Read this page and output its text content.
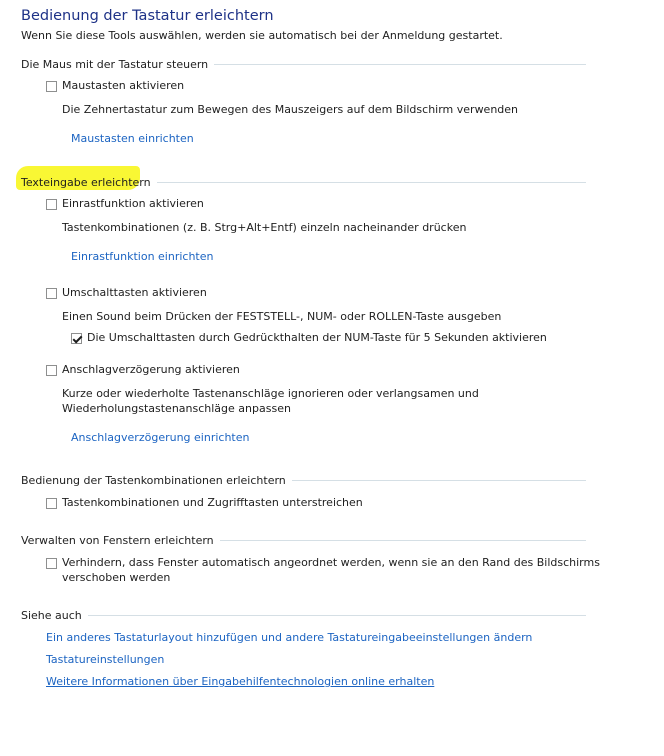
Bedienung der Tastatur erleichtern
Wenn Sie diese Tools auswählen, werden sie automatisch bei der Anmeldung gestartet.
Die Maus mit der Tastatur steuern
Maustasten aktivieren
Die Zehnertastatur zum Bewegen des Mauszeigers auf dem Bildschirm verwenden
Maustasten einrichten
Texteingabe erleichtern
Einrastfunktion aktivieren
Tastenkombinationen (z. B. Strg+Alt+Entf) einzeln nacheinander drücken
Einrastfunktion einrichten
Umschalttasten aktivieren
Einen Sound beim Drücken der FESTSTELL-, NUM- oder ROLLEN-Taste ausgeben
Die Umschalttasten durch Gedrückthalten der NUM-Taste für 5 Sekunden aktivieren
Anschlagverzögerung aktivieren
Kurze oder wiederholte Tastenanschläge ignorieren oder verlangsamen und
Wiederholungstastenanschläge anpassen
Anschlagverzögerung einrichten
Bedienung der Tastenkombinationen erleichtern
Tastenkombinationen und Zugrifftasten unterstreichen
Verwalten von Fenstern erleichtern
Verhindern, dass Fenster automatisch angeordnet werden, wenn sie an den Rand des Bildschirms
verschoben werden
Siehe auch
Ein anderes Tastaturlayout hinzufügen und andere Tastatureingabeeinstellungen ändern
Tastatureinstellungen
Weitere Informationen über Eingabehilfentechnologien online erhalten
